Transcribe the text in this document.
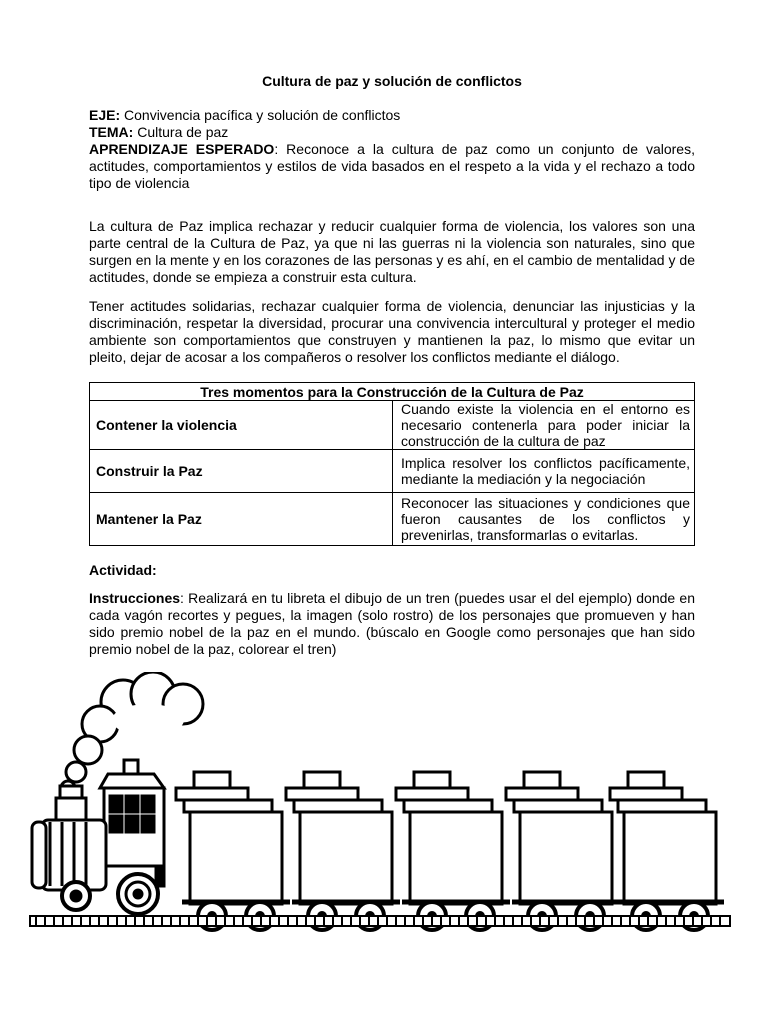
Cultura de paz y solución de conflictos

EJE: Convivencia pacífica y solución de conflictos

TEMA: Cultura de paz

APRENDIZAJE ESPERADO: Reconoce a la cultura de paz como un conjunto de valores, actitudes, comportamientos y estilos de vida basados en el respeto a la vida y el rechazo a todo tipo de violencia

La cultura de Paz implica rechazar y reducir cualquier forma de violencia, los valores son una parte central de la Cultura de Paz, ya que ni las guerras ni la violencia son naturales, sino que surgen en la mente y en los corazones de las personas y es ahí, en el cambio de mentalidad y de actitudes, donde se empieza a construir esta cultura.

Tener actitudes solidarias, rechazar cualquier forma de violencia, denunciar las injusticias y la discriminación, respetar la diversidad, procurar una convivencia intercultural y proteger el medio ambiente son comportamientos que construyen y mantienen la paz, lo mismo que evitar un pleito, dejar de acosar a los compañeros o resolver los conflictos mediante el diálogo.

Tres momentos para la Construcción de la Cultura de Paz	
Contener la violencia	Cuando existe la violencia en el entorno es necesario contenerla para poder iniciar la construcción de la cultura de paz
Construir la Paz	Implica resolver los conflictos pacíficamente, mediante la mediación y la negociación
Mantener la Paz	Reconocer las situaciones y condiciones que fueron causantes de los conflictos y prevenirlas, transformarlas o evitarlas.
Actividad:

Instrucciones: Realizará en tu libreta el dibujo de un tren (puedes usar el del ejemplo) donde en cada vagón recortes y pegues, la imagen (solo rostro) de los personajes que promueven y han sido premio nobel de la paz en el mundo. (búscalo en Google como personajes que han sido premio nobel de la paz, colorear el tren)
